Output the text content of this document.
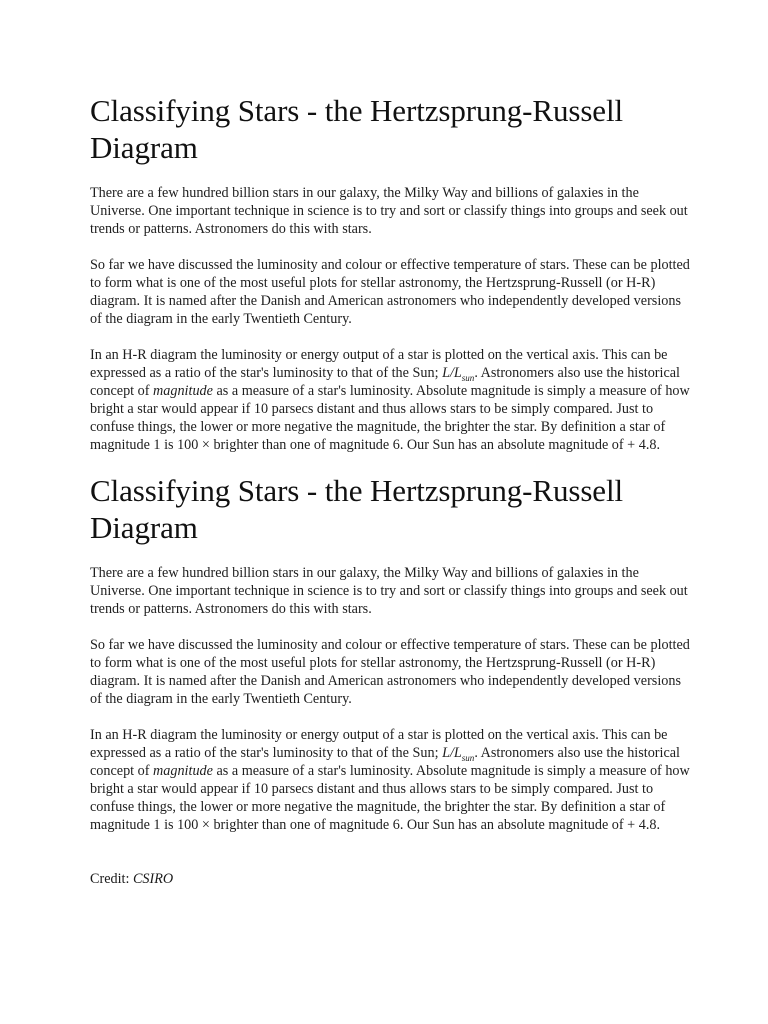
Classifying Stars - the Hertzsprung-Russell Diagram

There are a few hundred billion stars in our galaxy, the Milky Way and billions of galaxies in the Universe. One important technique in science is to try and sort or classify things into groups and seek out trends or patterns. Astronomers do this with stars.

So far we have discussed the luminosity and colour or effective temperature of stars. These can be plotted to form what is one of the most useful plots for stellar astronomy, the Hertzsprung-Russell (or H-R) diagram. It is named after the Danish and American astronomers who independently developed versions of the diagram in the early Twentieth Century.

In an H-R diagram the luminosity or energy output of a star is plotted on the vertical axis. This can be expressed as a ratio of the star's luminosity to that of the Sun; $L/L_{sun}$. Astronomers also use the historical concept of magnitude as a measure of a star's luminosity. Absolute magnitude is simply a measure of how bright a star would appear if 10 parsecs distant and thus allows stars to be simply compared. Just to confuse things, the lower or more negative the magnitude, the brighter the star. By definition a star of magnitude 1 is 100 × brighter than one of magnitude 6. Our Sun has an absolute magnitude of + 4.8.

Classifying Stars - the Hertzsprung-Russell Diagram

There are a few hundred billion stars in our galaxy, the Milky Way and billions of galaxies in the Universe. One important technique in science is to try and sort or classify things into groups and seek out trends or patterns. Astronomers do this with stars.

So far we have discussed the luminosity and colour or effective temperature of stars. These can be plotted to form what is one of the most useful plots for stellar astronomy, the Hertzsprung-Russell (or H-R) diagram. It is named after the Danish and American astronomers who independently developed versions of the diagram in the early Twentieth Century.

In an H-R diagram the luminosity or energy output of a star is plotted on the vertical axis. This can be expressed as a ratio of the star's luminosity to that of the Sun; $L/L_{sun}$. Astronomers also use the historical concept of magnitude as a measure of a star's luminosity. Absolute magnitude is simply a measure of how bright a star would appear if 10 parsecs distant and thus allows stars to be simply compared. Just to confuse things, the lower or more negative the magnitude, the brighter the star. By definition a star of magnitude 1 is 100 × brighter than one of magnitude 6. Our Sun has an absolute magnitude of + 4.8.

Credit: CSIRO
